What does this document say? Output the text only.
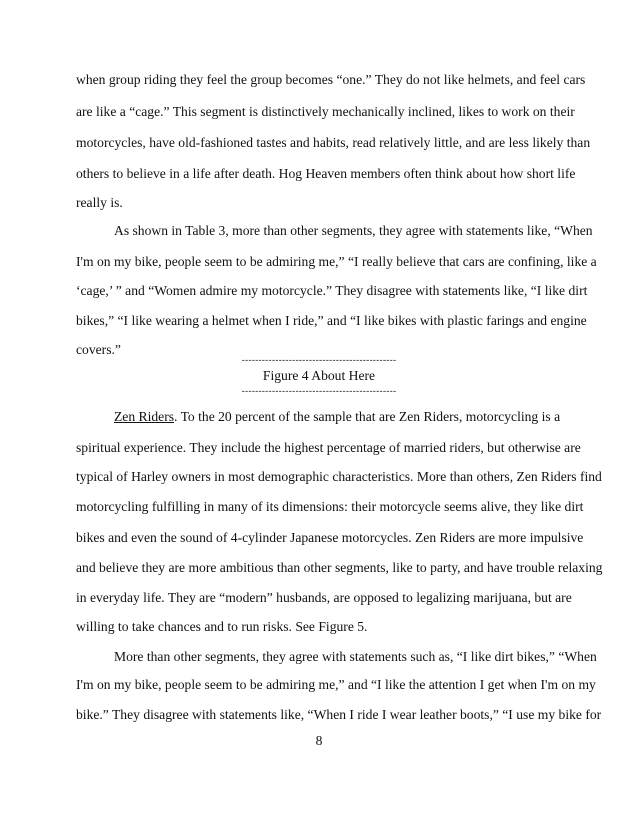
when group riding they feel the group becomes “one.” They do not like helmets, and feel cars
are like a “cage.” This segment is distinctively mechanically inclined, likes to work on their
motorcycles, have old-fashioned tastes and habits, read relatively little, and are less likely than
others to believe in a life after death. Hog Heaven members often think about how short life
really is.
As shown in Table 3, more than other segments, they agree with statements like, “When
I'm on my bike, people seem to be admiring me,” “I really believe that cars are confining, like a
‘cage,’ ” and “Women admire my motorcycle.” They disagree with statements like, “I like dirt
bikes,” “I like wearing a helmet when I ride,” and “I like bikes with plastic farings and engine
covers.”
----------------------------------------------
Figure 4 About Here
----------------------------------------------
Zen Riders. To the 20 percent of the sample that are Zen Riders, motorcycling is a
spiritual experience. They include the highest percentage of married riders, but otherwise are
typical of Harley owners in most demographic characteristics. More than others, Zen Riders find
motorcycling fulfilling in many of its dimensions: their motorcycle seems alive, they like dirt
bikes and even the sound of 4-cylinder Japanese motorcycles. Zen Riders are more impulsive
and believe they are more ambitious than other segments, like to party, and have trouble relaxing
in everyday life. They are “modern” husbands, are opposed to legalizing marijuana, but are
willing to take chances and to run risks. See Figure 5.
More than other segments, they agree with statements such as, “I like dirt bikes,” “When
I'm on my bike, people seem to be admiring me,” and “I like the attention I get when I'm on my
bike.” They disagree with statements like, “When I ride I wear leather boots,” “I use my bike for
8
